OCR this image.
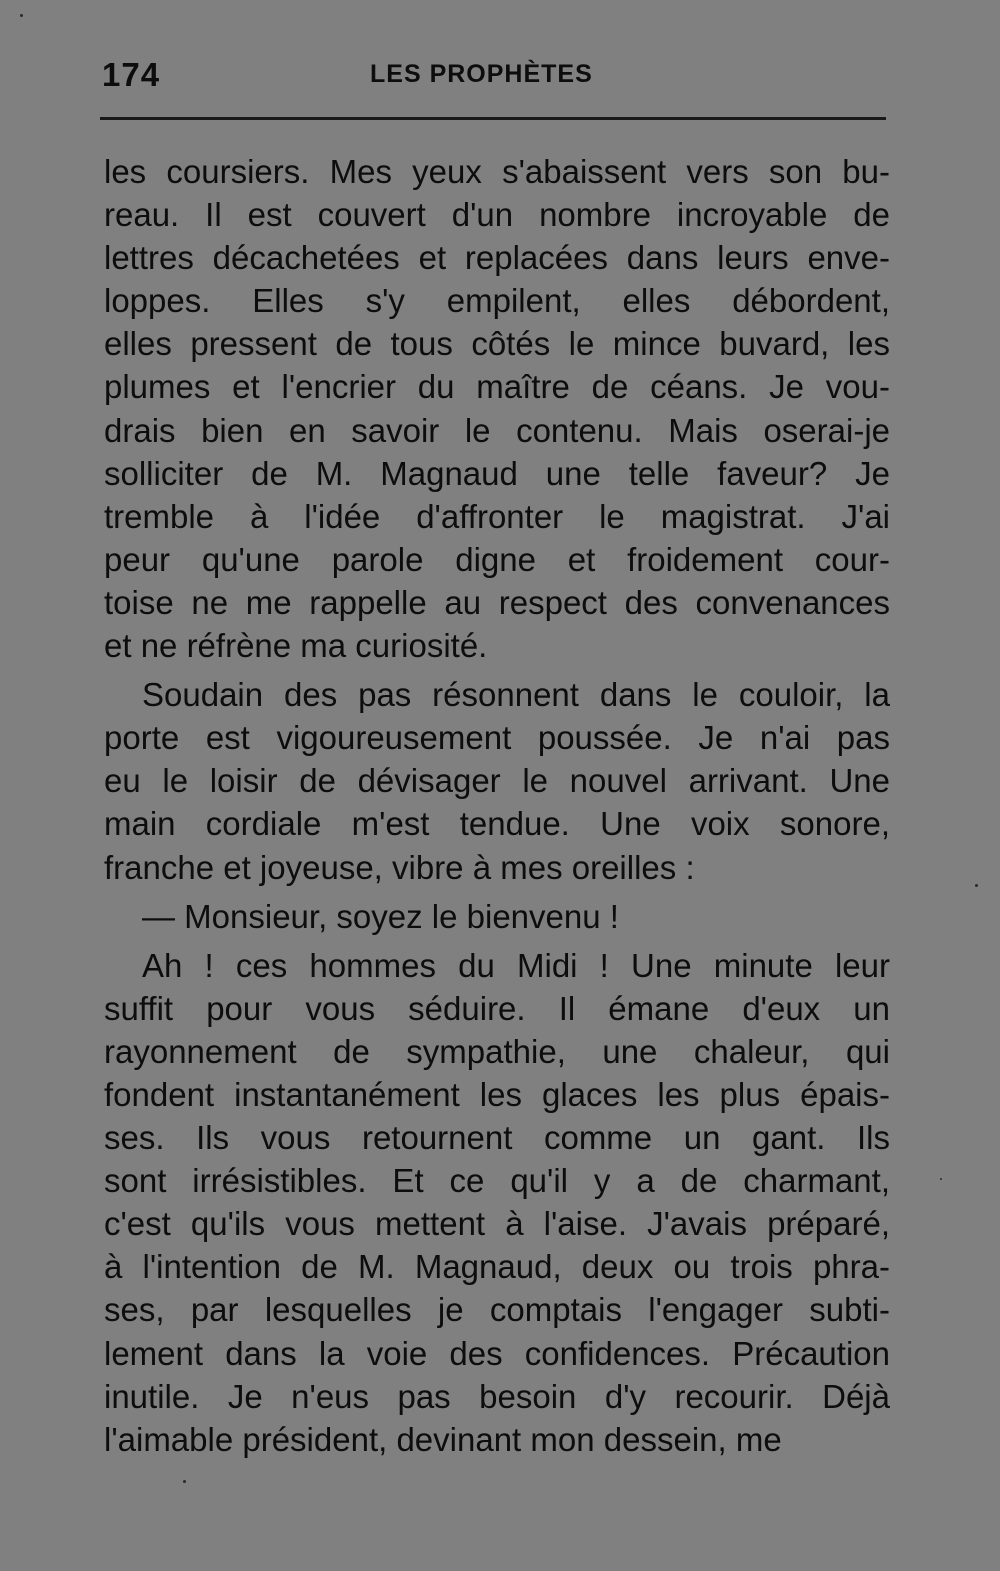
174	LES PROPHÈTES
les coursiers. Mes yeux s'abaissent vers son bu-
reau. Il est couvert d'un nombre incroyable de
lettres décachetées et replacées dans leurs enve-
loppes. Elles s'y empilent, elles débordent,
elles pressent de tous côtés le mince buvard, les
plumes et l'encrier du maître de céans. Je vou-
drais bien en savoir le contenu. Mais oserai-je
solliciter de M. Magnaud une telle faveur? Je
tremble à l'idée d'affronter le magistrat. J'ai
peur qu'une parole digne et froidement cour-
toise ne me rappelle au respect des convenances
et ne réfrène ma curiosité.
Soudain des pas résonnent dans le couloir, la
porte est vigoureusement poussée. Je n'ai pas
eu le loisir de dévisager le nouvel arrivant. Une
main cordiale m'est tendue. Une voix sonore,
franche et joyeuse, vibre à mes oreilles :
— Monsieur, soyez le bienvenu !
Ah ! ces hommes du Midi ! Une minute leur
suffit pour vous séduire. Il émane d'eux un
rayonnement de sympathie, une chaleur, qui
fondent instantanément les glaces les plus épais-
ses. Ils vous retournent comme un gant. Ils
sont irrésistibles. Et ce qu'il y a de charmant,
c'est qu'ils vous mettent à l'aise. J'avais préparé,
à l'intention de M. Magnaud, deux ou trois phra-
ses, par lesquelles je comptais l'engager subti-
lement dans la voie des confidences. Précaution
inutile. Je n'eus pas besoin d'y recourir. Déjà
l'aimable président, devinant mon dessein, me
